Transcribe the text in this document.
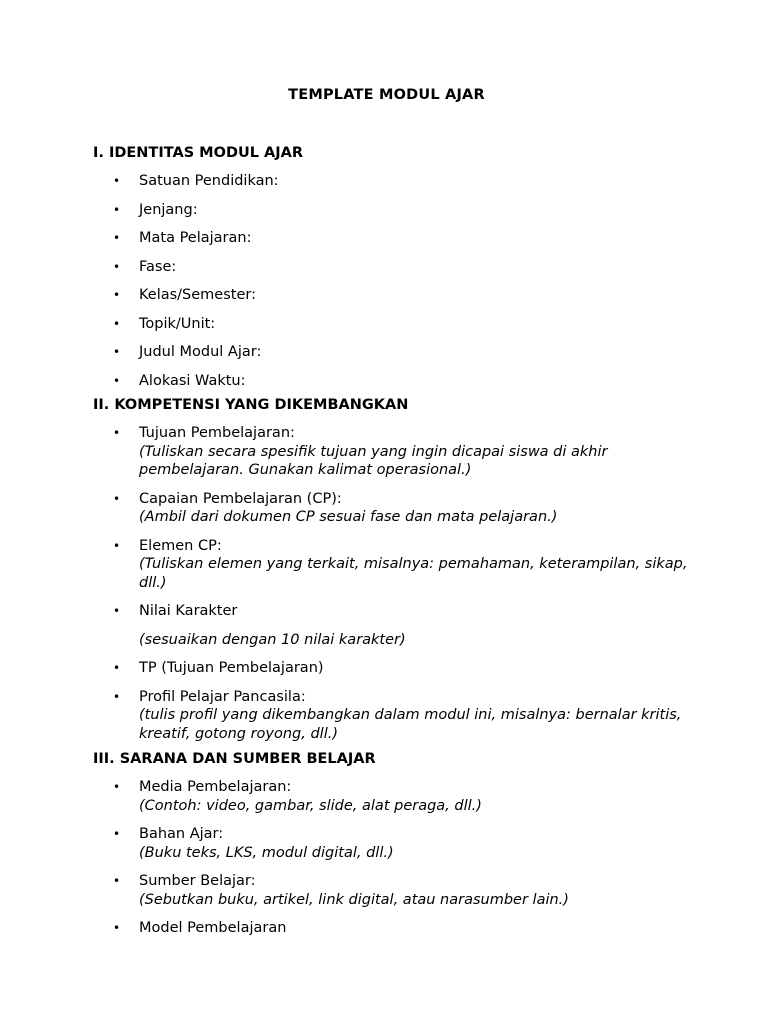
TEMPLATE MODUL AJAR
I. IDENTITAS MODUL AJAR
• Satuan Pendidikan:
• Jenjang:
• Mata Pelajaran:
• Fase:
• Kelas/Semester:
• Topik/Unit:
• Judul Modul Ajar:
• Alokasi Waktu:
II. KOMPETENSI YANG DIKEMBANGKAN
• Tujuan Pembelajaran:
(Tuliskan secara spesifik tujuan yang ingin dicapai siswa di akhir pembelajaran. Gunakan kalimat operasional.)
• Capaian Pembelajaran (CP):
(Ambil dari dokumen CP sesuai fase dan mata pelajaran.)
• Elemen CP:
(Tuliskan elemen yang terkait, misalnya: pemahaman, keterampilan, sikap, dll.)
• Nilai Karakter
(sesuaikan dengan 10 nilai karakter)
• TP (Tujuan Pembelajaran)
• Profil Pelajar Pancasila:
(tulis profil yang dikembangkan dalam modul ini, misalnya: bernalar kritis, kreatif, gotong royong, dll.)
III. SARANA DAN SUMBER BELAJAR
• Media Pembelajaran:
(Contoh: video, gambar, slide, alat peraga, dll.)
• Bahan Ajar:
(Buku teks, LKS, modul digital, dll.)
• Sumber Belajar:
(Sebutkan buku, artikel, link digital, atau narasumber lain.)
• Model Pembelajaran
